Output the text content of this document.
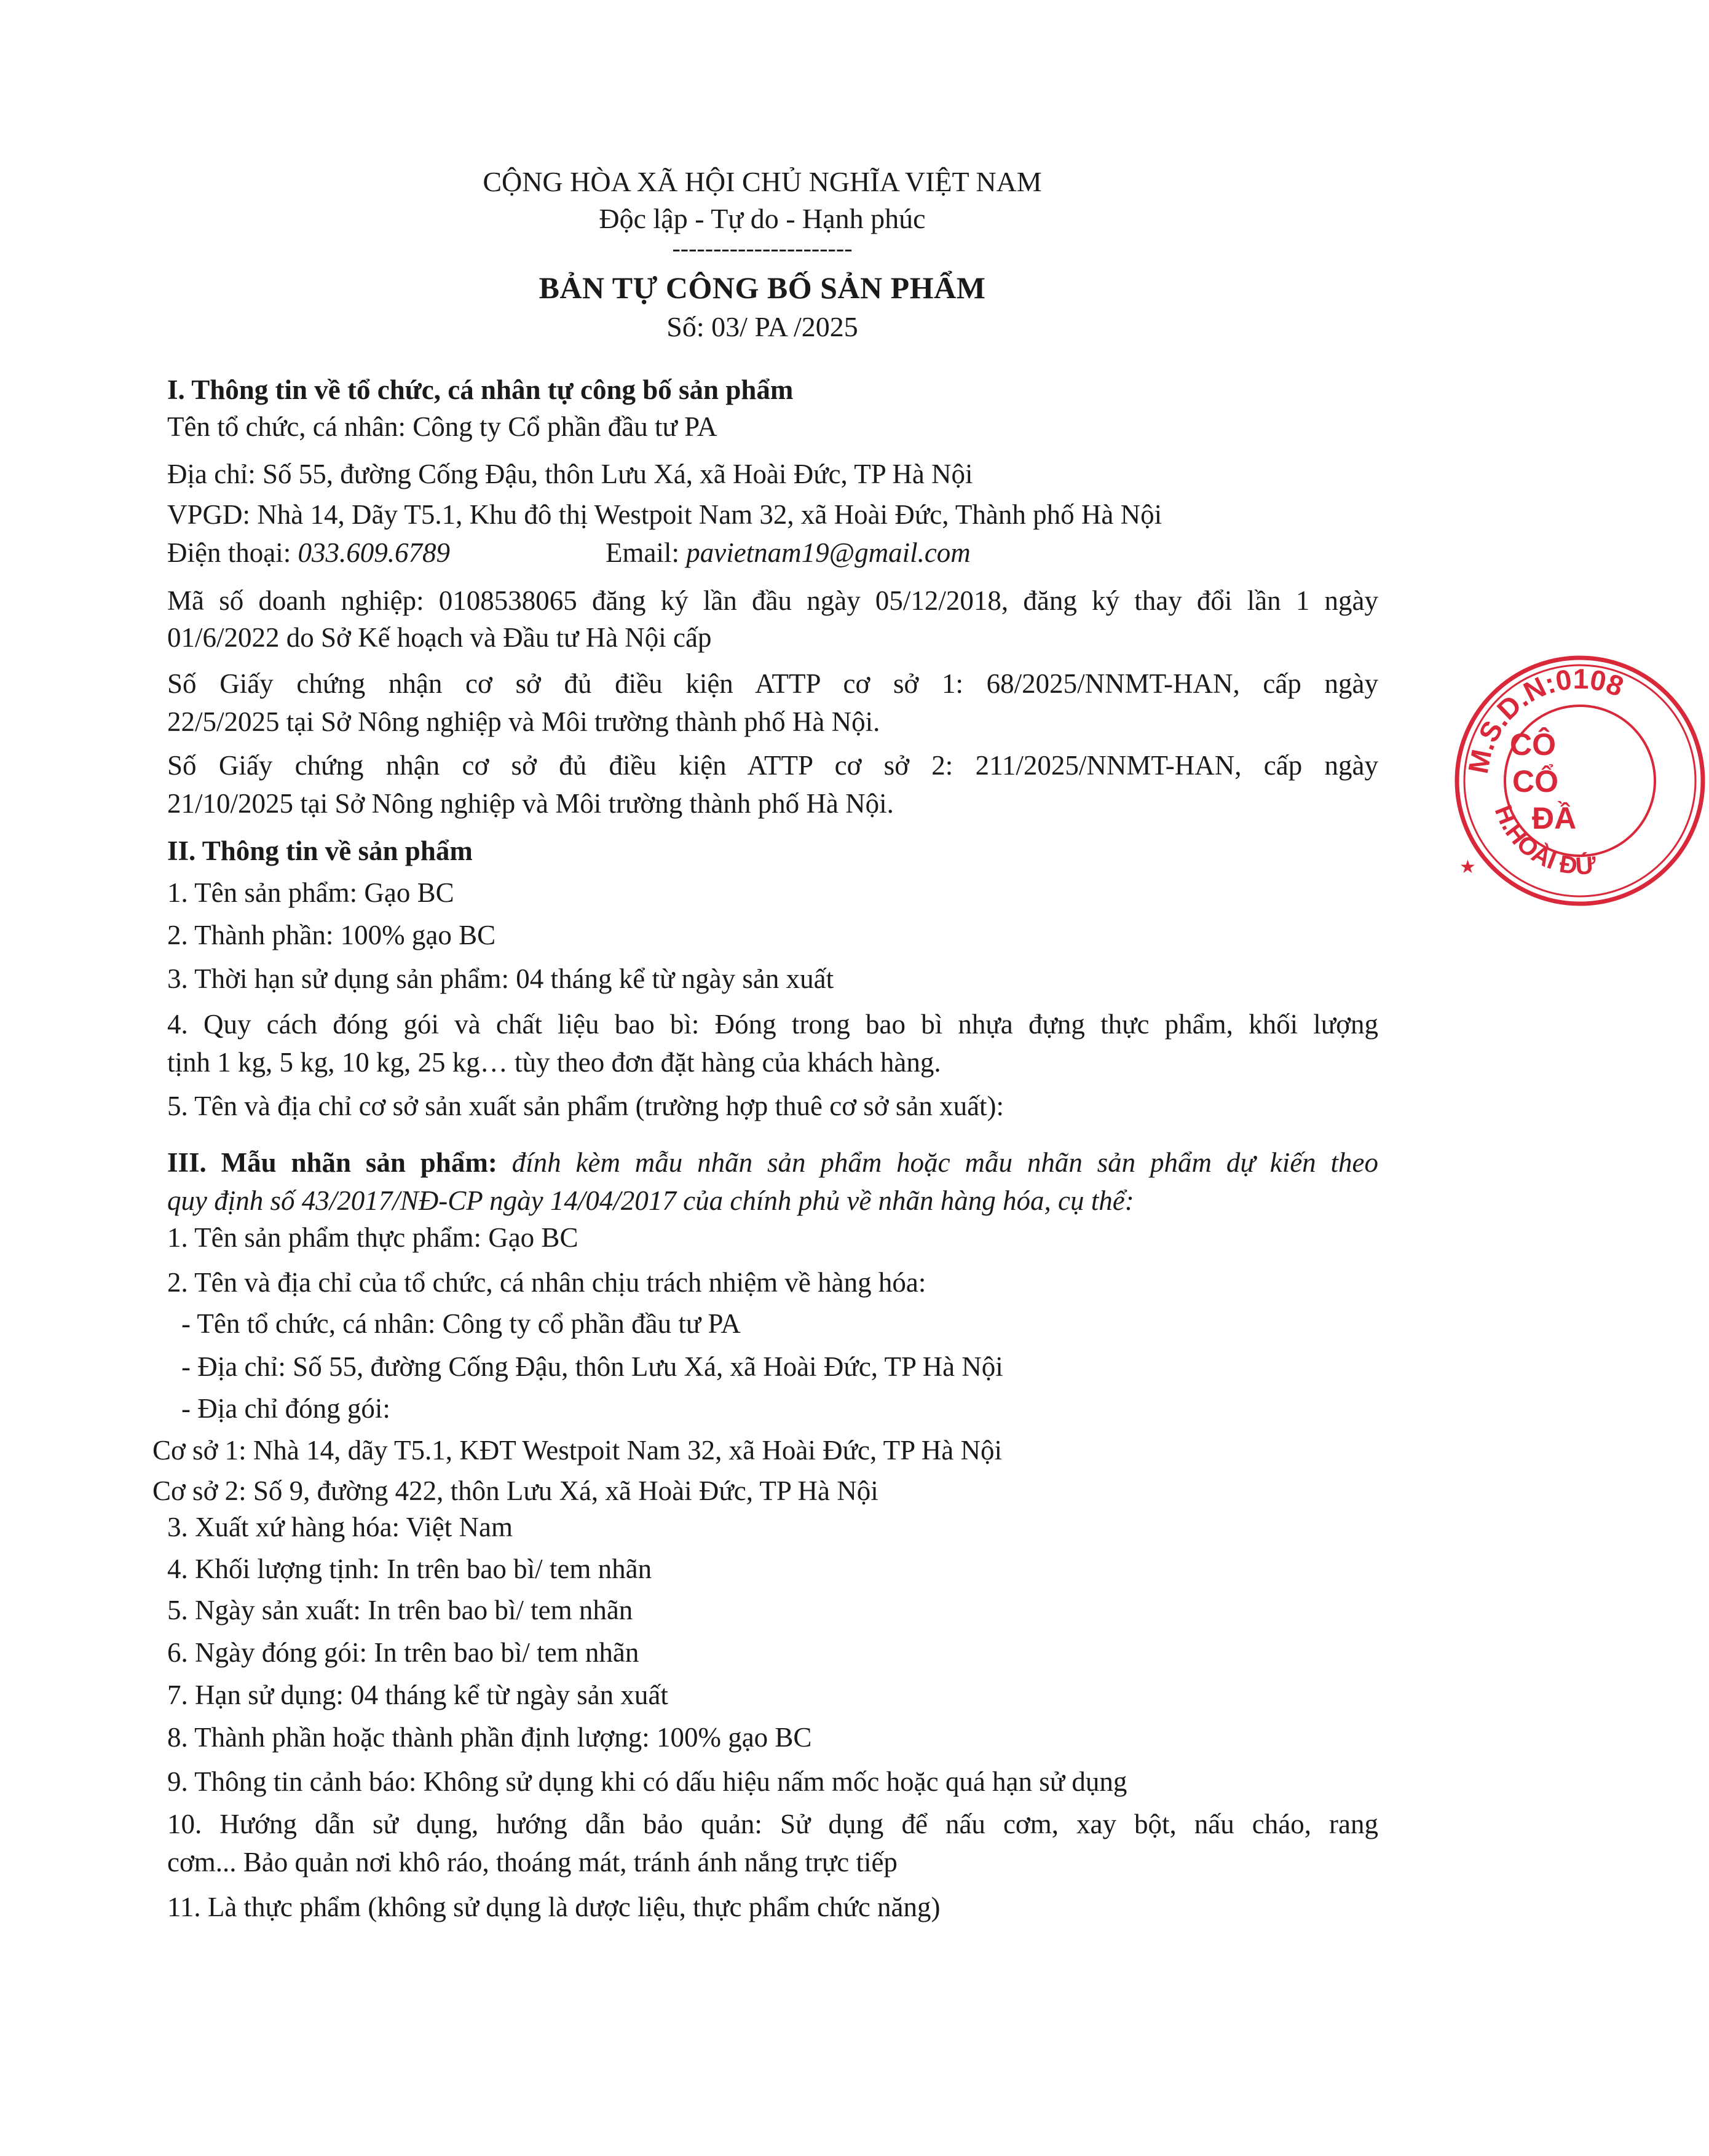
CỘNG HÒA XÃ HỘI CHỦ NGHĨA VIỆT NAM
Độc lập - Tự do - Hạnh phúc
----------------------
BẢN TỰ CÔNG BỐ SẢN PHẨM
Số: 03/ PA /2025
I. Thông tin về tổ chức, cá nhân tự công bố sản phẩm
Tên tổ chức, cá nhân: Công ty Cổ phần đầu tư PA
Địa chỉ: Số 55, đường Cống Đậu, thôn Lưu Xá, xã Hoài Đức, TP Hà Nội
VPGD: Nhà 14, Dãy T5.1, Khu đô thị Westpoit Nam 32, xã Hoài Đức, Thành phố Hà Nội
Điện thoại: 033.609.6789	Email: pavietnam19@gmail.com
Mã số doanh nghiệp: 0108538065 đăng ký lần đầu ngày 05/12/2018, đăng ký thay đổi lần 1 ngày
01/6/2022 do Sở Kế hoạch và Đầu tư Hà Nội cấp
Số Giấy chứng nhận cơ sở đủ điều kiện ATTP cơ sở 1: 68/2025/NNMT-HAN, cấp ngày
22/5/2025 tại Sở Nông nghiệp và Môi trường thành phố Hà Nội.
Số Giấy chứng nhận cơ sở đủ điều kiện ATTP cơ sở 2: 211/2025/NNMT-HAN, cấp ngày
21/10/2025 tại Sở Nông nghiệp và Môi trường thành phố Hà Nội.
II. Thông tin về sản phẩm
1. Tên sản phẩm: Gạo BC
2. Thành phần: 100% gạo BC
3. Thời hạn sử dụng sản phẩm: 04 tháng kể từ ngày sản xuất
4. Quy cách đóng gói và chất liệu bao bì: Đóng trong bao bì nhựa đựng thực phẩm, khối lượng
tịnh 1 kg, 5 kg, 10 kg, 25 kg… tùy theo đơn đặt hàng của khách hàng.
5. Tên và địa chỉ cơ sở sản xuất sản phẩm (trường hợp thuê cơ sở sản xuất):
III. Mẫu nhãn sản phẩm: đính kèm mẫu nhãn sản phẩm hoặc mẫu nhãn sản phẩm dự kiến theo
quy định số 43/2017/NĐ-CP ngày 14/04/2017 của chính phủ về nhãn hàng hóa, cụ thể:
1. Tên sản phẩm thực phẩm: Gạo BC
2. Tên và địa chỉ của tổ chức, cá nhân chịu trách nhiệm về hàng hóa:
- Tên tổ chức, cá nhân: Công ty cổ phần đầu tư PA
- Địa chỉ: Số 55, đường Cống Đậu, thôn Lưu Xá, xã Hoài Đức, TP Hà Nội
- Địa chỉ đóng gói:
Cơ sở 1: Nhà 14, dãy T5.1, KĐT Westpoit Nam 32, xã Hoài Đức, TP Hà Nội
Cơ sở 2: Số 9, đường 422, thôn Lưu Xá, xã Hoài Đức, TP Hà Nội
3. Xuất xứ hàng hóa: Việt Nam
4. Khối lượng tịnh: In trên bao bì/ tem nhãn
5. Ngày sản xuất: In trên bao bì/ tem nhãn
6. Ngày đóng gói: In trên bao bì/ tem nhãn
7. Hạn sử dụng: 04 tháng kể từ ngày sản xuất
8. Thành phần hoặc thành phần định lượng: 100% gạo BC
9. Thông tin cảnh báo: Không sử dụng khi có dấu hiệu nấm mốc hoặc quá hạn sử dụng
10. Hướng dẫn sử dụng, hướng dẫn bảo quản: Sử dụng để nấu cơm, xay bột, nấu cháo, rang
cơm... Bảo quản nơi khô ráo, thoáng mát, tránh ánh nắng trực tiếp
11. Là thực phẩm (không sử dụng là dược liệu, thực phẩm chức năng)
M.S.D.N:0108
H.HOÀI ĐỨ
CÔ
CỔ
ĐẦ
★
